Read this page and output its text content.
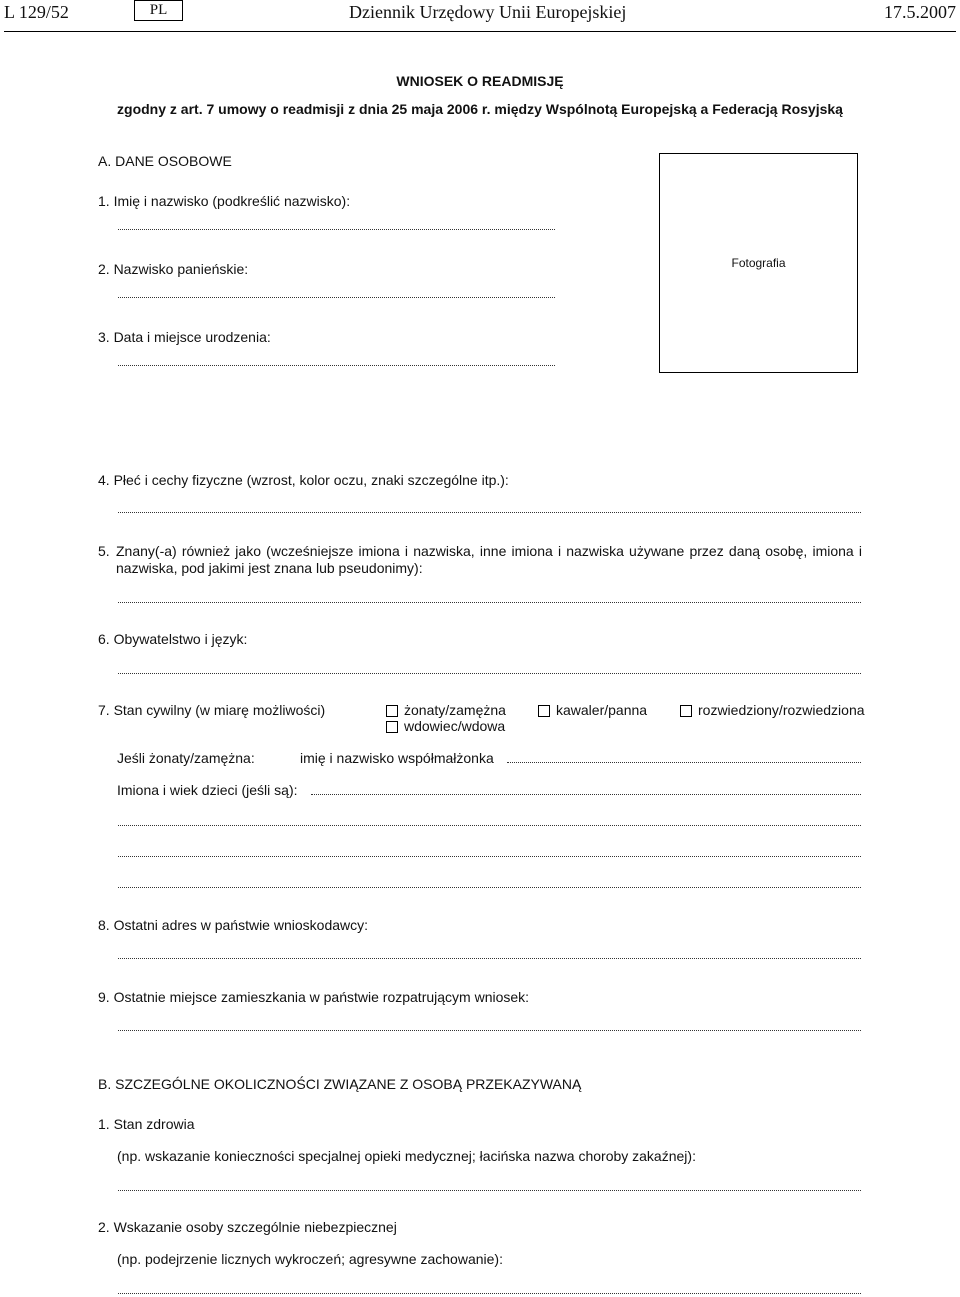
L 129/52	PL	Dziennik Urzędowy Unii Europejskiej	17.5.2007
WNIOSEK O READMISJĘ
zgodny z art. 7 umowy o readmisji z dnia 25 maja 2006 r. między Wspólnotą Europejską a Federacją Rosyjską
A. DANE OSOBOWE
Fotografia
1. Imię i nazwisko (podkreślić nazwisko):
2. Nazwisko panieńskie:
3. Data i miejsce urodzenia:
4. Płeć i cechy fizyczne (wzrost, kolor oczu, znaki szczególne itp.):
5. Znany(-a) również jako (wcześniejsze imiona i nazwiska, inne imiona i nazwiska używane przez daną osobę, imiona i nazwiska, pod jakimi jest znana lub pseudonimy):
6. Obywatelstwo i język:
7. Stan cywilny (w miarę możliwości)	żonaty/zamężna	kawaler/panna	rozwiedziony/rozwiedziona
wdowiec/wdowa
Jeśli żonaty/zamężna:	imię i nazwisko współmałżonka
Imiona i wiek dzieci (jeśli są):
8. Ostatni adres w państwie wnioskodawcy:
9. Ostatnie miejsce zamieszkania w państwie rozpatrującym wniosek:
B. SZCZEGÓLNE OKOLICZNOŚCI ZWIĄZANE Z OSOBĄ PRZEKAZYWANĄ
1. Stan zdrowia
(np. wskazanie konieczności specjalnej opieki medycznej; łacińska nazwa choroby zakaźnej):
2. Wskazanie osoby szczególnie niebezpiecznej
(np. podejrzenie licznych wykroczeń; agresywne zachowanie):
